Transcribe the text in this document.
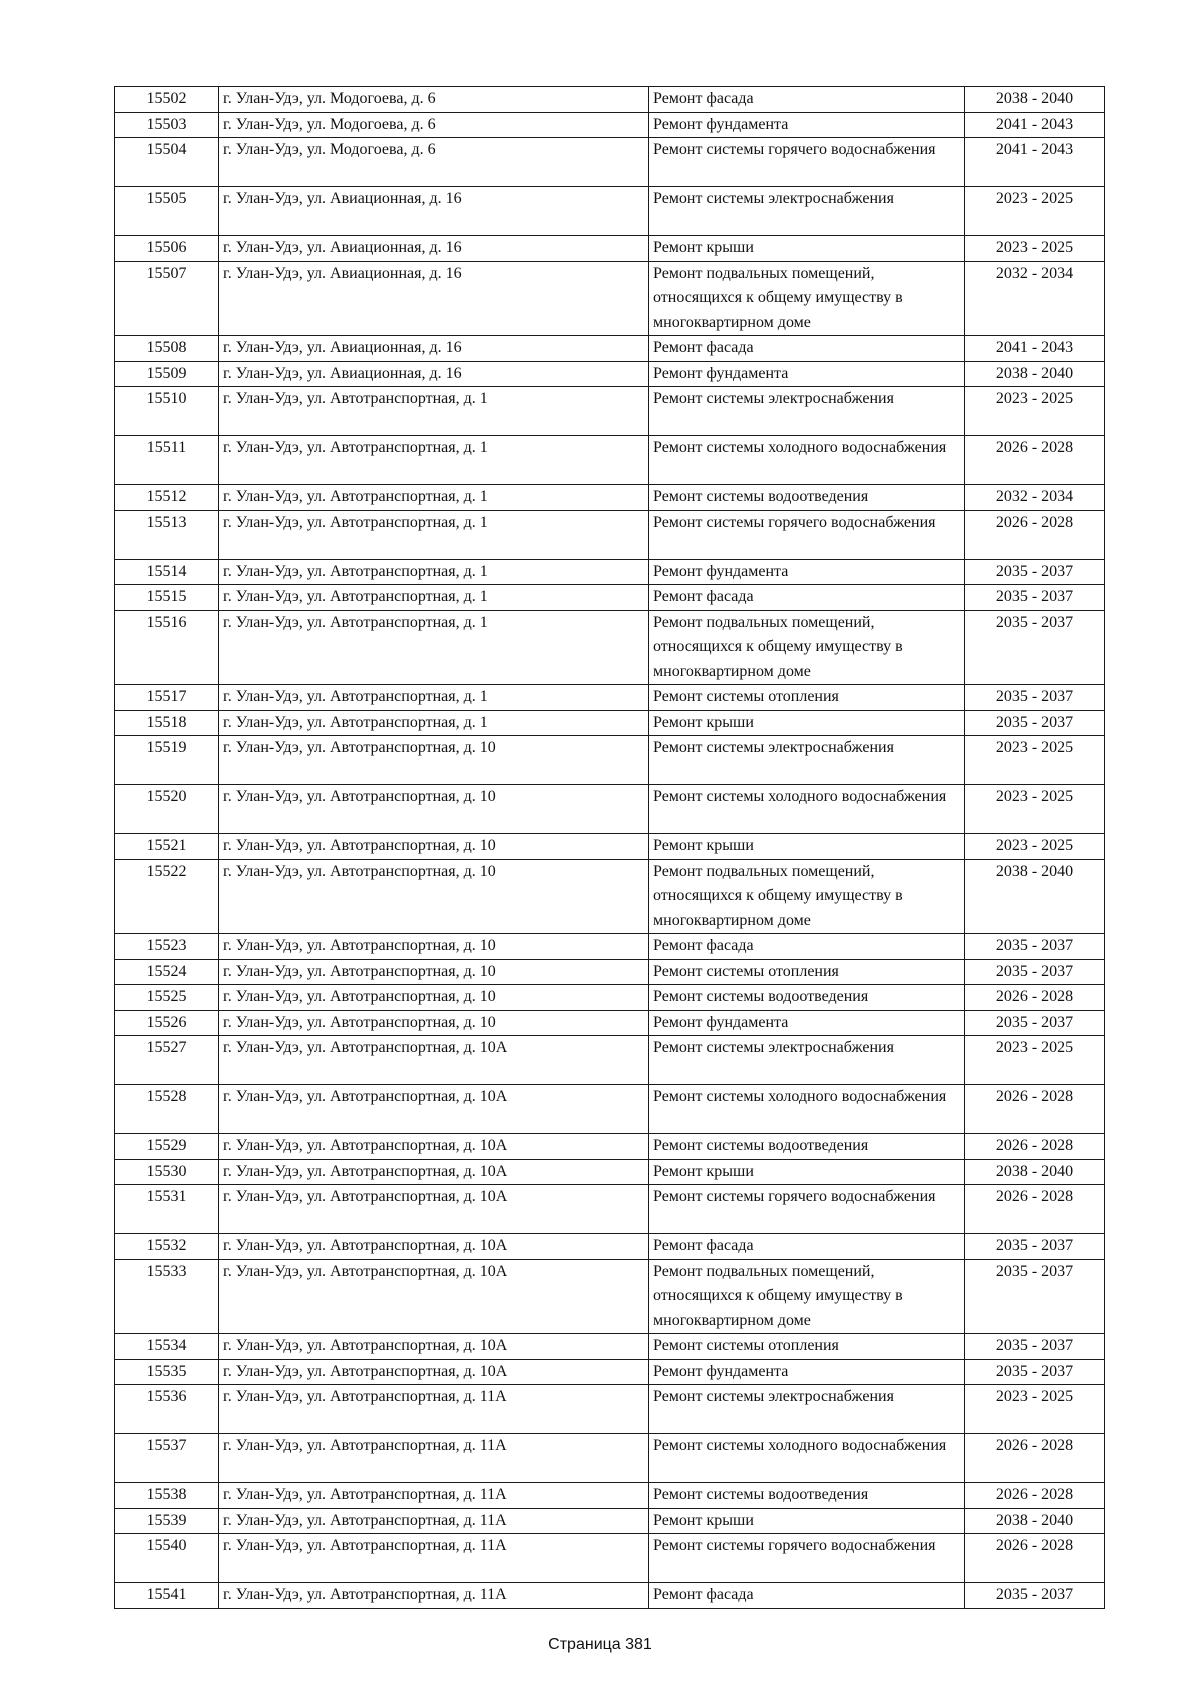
15502	г. Улан-Удэ, ул. Модогоева, д. 6	Ремонт фасада	2038 - 2040
15503	г. Улан-Удэ, ул. Модогоева, д. 6	Ремонт фундамента	2041 - 2043
15504	г. Улан-Удэ, ул. Модогоева, д. 6	Ремонт системы горячего водоснабжения	2041 - 2043
15505	г. Улан-Удэ, ул. Авиационная, д. 16	Ремонт системы электроснабжения	2023 - 2025
15506	г. Улан-Удэ, ул. Авиационная, д. 16	Ремонт крыши	2023 - 2025
15507	г. Улан-Удэ, ул. Авиационная, д. 16	Ремонт подвальных помещений, относящихся к общему имуществу в многоквартирном доме	2032 - 2034
15508	г. Улан-Удэ, ул. Авиационная, д. 16	Ремонт фасада	2041 - 2043
15509	г. Улан-Удэ, ул. Авиационная, д. 16	Ремонт фундамента	2038 - 2040
15510	г. Улан-Удэ, ул. Автотранспортная, д. 1	Ремонт системы электроснабжения	2023 - 2025
15511	г. Улан-Удэ, ул. Автотранспортная, д. 1	Ремонт системы холодного водоснабжения	2026 - 2028
15512	г. Улан-Удэ, ул. Автотранспортная, д. 1	Ремонт системы водоотведения	2032 - 2034
15513	г. Улан-Удэ, ул. Автотранспортная, д. 1	Ремонт системы горячего водоснабжения	2026 - 2028
15514	г. Улан-Удэ, ул. Автотранспортная, д. 1	Ремонт фундамента	2035 - 2037
15515	г. Улан-Удэ, ул. Автотранспортная, д. 1	Ремонт фасада	2035 - 2037
15516	г. Улан-Удэ, ул. Автотранспортная, д. 1	Ремонт подвальных помещений, относящихся к общему имуществу в многоквартирном доме	2035 - 2037
15517	г. Улан-Удэ, ул. Автотранспортная, д. 1	Ремонт системы отопления	2035 - 2037
15518	г. Улан-Удэ, ул. Автотранспортная, д. 1	Ремонт крыши	2035 - 2037
15519	г. Улан-Удэ, ул. Автотранспортная, д. 10	Ремонт системы электроснабжения	2023 - 2025
15520	г. Улан-Удэ, ул. Автотранспортная, д. 10	Ремонт системы холодного водоснабжения	2023 - 2025
15521	г. Улан-Удэ, ул. Автотранспортная, д. 10	Ремонт крыши	2023 - 2025
15522	г. Улан-Удэ, ул. Автотранспортная, д. 10	Ремонт подвальных помещений, относящихся к общему имуществу в многоквартирном доме	2038 - 2040
15523	г. Улан-Удэ, ул. Автотранспортная, д. 10	Ремонт фасада	2035 - 2037
15524	г. Улан-Удэ, ул. Автотранспортная, д. 10	Ремонт системы отопления	2035 - 2037
15525	г. Улан-Удэ, ул. Автотранспортная, д. 10	Ремонт системы водоотведения	2026 - 2028
15526	г. Улан-Удэ, ул. Автотранспортная, д. 10	Ремонт фундамента	2035 - 2037
15527	г. Улан-Удэ, ул. Автотранспортная, д. 10А	Ремонт системы электроснабжения	2023 - 2025
15528	г. Улан-Удэ, ул. Автотранспортная, д. 10А	Ремонт системы холодного водоснабжения	2026 - 2028
15529	г. Улан-Удэ, ул. Автотранспортная, д. 10А	Ремонт системы водоотведения	2026 - 2028
15530	г. Улан-Удэ, ул. Автотранспортная, д. 10А	Ремонт крыши	2038 - 2040
15531	г. Улан-Удэ, ул. Автотранспортная, д. 10А	Ремонт системы горячего водоснабжения	2026 - 2028
15532	г. Улан-Удэ, ул. Автотранспортная, д. 10А	Ремонт фасада	2035 - 2037
15533	г. Улан-Удэ, ул. Автотранспортная, д. 10А	Ремонт подвальных помещений, относящихся к общему имуществу в многоквартирном доме	2035 - 2037
15534	г. Улан-Удэ, ул. Автотранспортная, д. 10А	Ремонт системы отопления	2035 - 2037
15535	г. Улан-Удэ, ул. Автотранспортная, д. 10А	Ремонт фундамента	2035 - 2037
15536	г. Улан-Удэ, ул. Автотранспортная, д. 11А	Ремонт системы электроснабжения	2023 - 2025
15537	г. Улан-Удэ, ул. Автотранспортная, д. 11А	Ремонт системы холодного водоснабжения	2026 - 2028
15538	г. Улан-Удэ, ул. Автотранспортная, д. 11А	Ремонт системы водоотведения	2026 - 2028
15539	г. Улан-Удэ, ул. Автотранспортная, д. 11А	Ремонт крыши	2038 - 2040
15540	г. Улан-Удэ, ул. Автотранспортная, д. 11А	Ремонт системы горячего водоснабжения	2026 - 2028
15541	г. Улан-Удэ, ул. Автотранспортная, д. 11А	Ремонт фасада	2035 - 2037
Страница 381
